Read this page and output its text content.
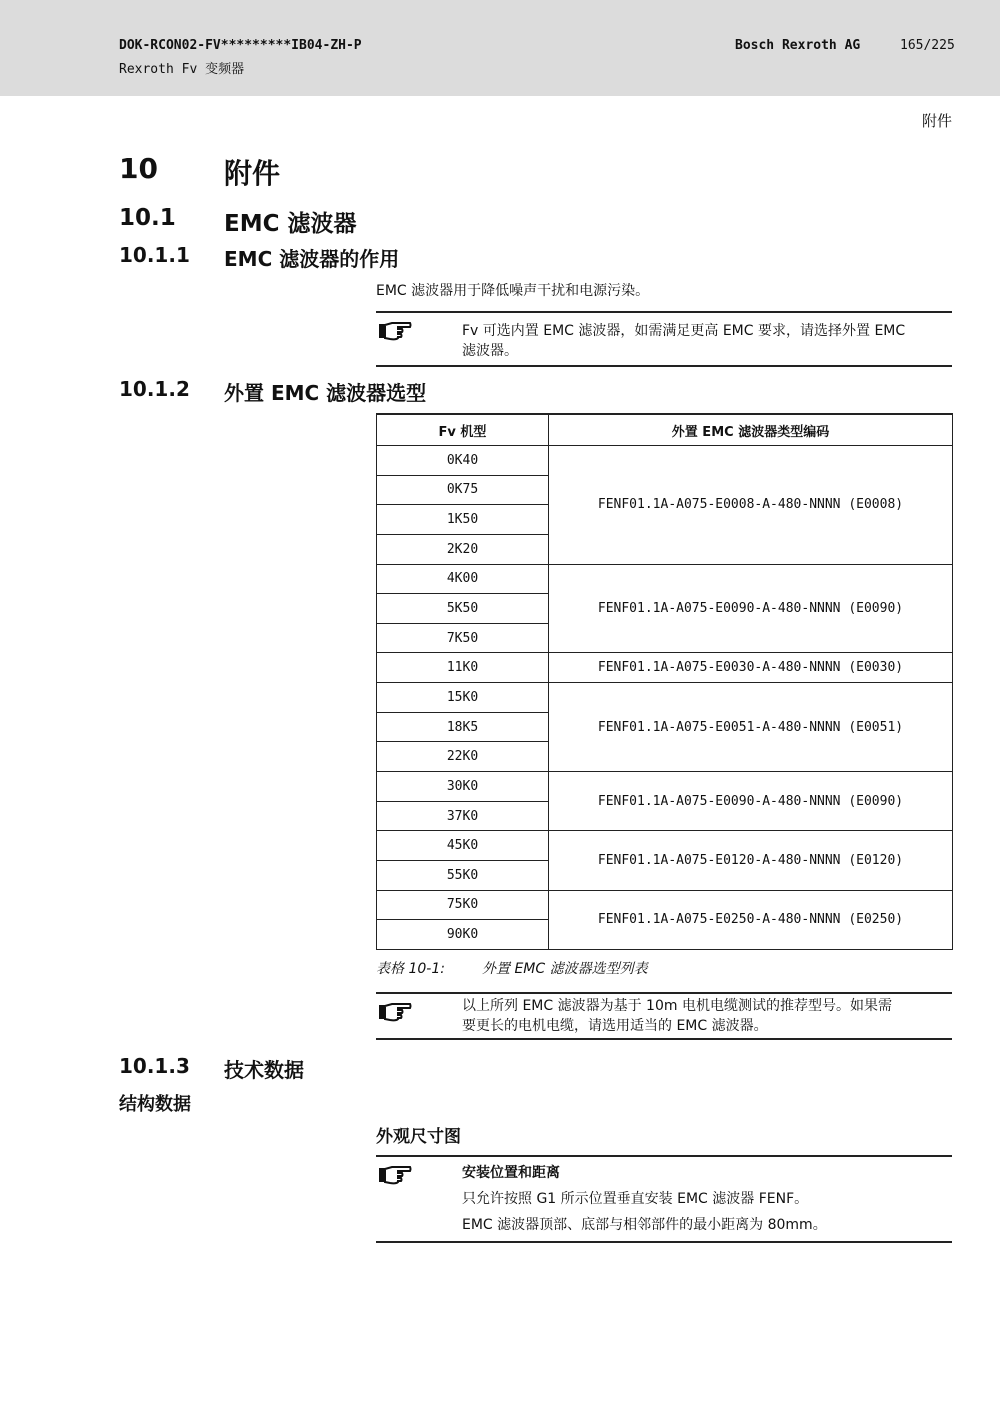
DOK-RCON02-FV*********IB04-ZH-P
Rexroth Fv 变频器
Bosch Rexroth AG	165/225
附件
10 附件
10.1 EMC 滤波器
10.1.1 EMC 滤波器的作用
EMC 滤波器用于降低噪声干扰和电源污染。
Fv 可选内置 EMC 滤波器，如需满足更高 EMC 要求，请选择外置 EMC
滤波器。
10.1.2 外置 EMC 滤波器选型
Fv 机型	外置 EMC 滤波器类型编码
0K40	FENF01.1A-A075-E0008-A-480-NNNN (E0008)
0K75	
1K50	
2K20	
4K00	FENF01.1A-A075-E0090-A-480-NNNN (E0090)
5K50	
7K50	
11K0	FENF01.1A-A075-E0030-A-480-NNNN (E0030)
15K0	FENF01.1A-A075-E0051-A-480-NNNN (E0051)
18K5	
22K0	
30K0	FENF01.1A-A075-E0090-A-480-NNNN (E0090)
37K0	
45K0	FENF01.1A-A075-E0120-A-480-NNNN (E0120)
55K0	
75K0	FENF01.1A-A075-E0250-A-480-NNNN (E0250)
90K0	
表格 10-1:	外置 EMC 滤波器选型列表
以上所列 EMC 滤波器为基于 10m 电机电缆测试的推荐型号。如果需
要更长的电机电缆，请选用适当的 EMC 滤波器。
10.1.3 技术数据
结构数据
外观尺寸图
安装位置和距离
只允许按照 G1 所示位置垂直安装 EMC 滤波器 FENF。
EMC 滤波器顶部、底部与相邻部件的最小距离为 80mm。
